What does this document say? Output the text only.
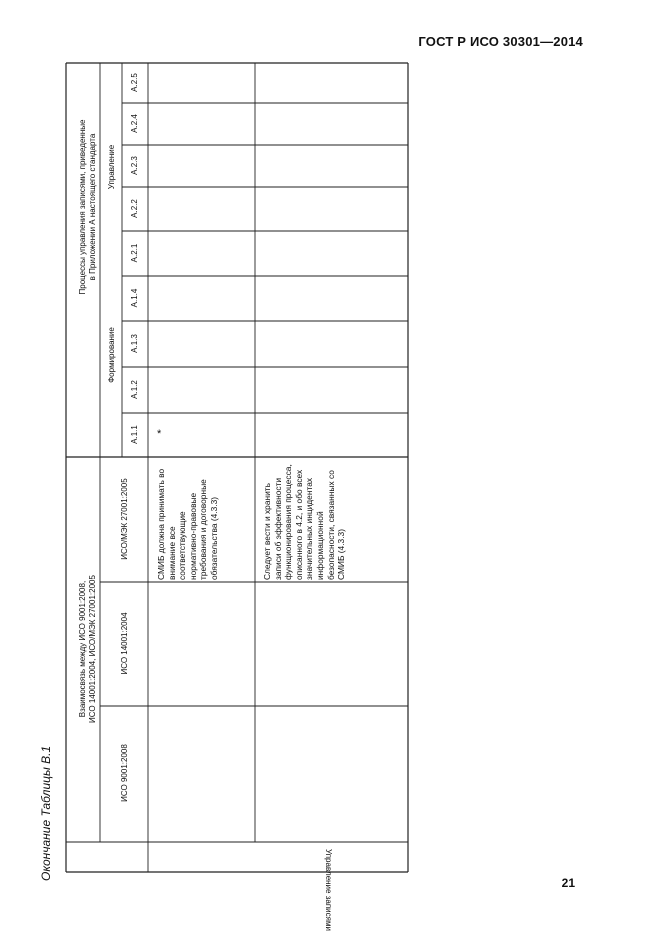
ГОСТ Р ИСО 30301—2014
Процессы управления записями, приведенные в Приложении А настоящего стандарта
Формирование
Управление
А.1.1
А.1.2
А.1.3
А.1.4
А.2.1
А.2.2
А.2.3
А.2.4
А.2.5
Взаимосвязь между ИСО 9001:2008, ИСО 14001:2004, ИСО/МЭК 27001:2005
ИСО 9001:2008
ИСО 14001:2004
ИСО/МЭК 27001:2005
Управление записями
СМИБ должна принимать во внимание все соответствующие нормативно-правовые требования и договорные обязательства (4.3.3)
*
Следует вести и хранить записи об эффективности функционирования процесса, описанного в 4.2, и обо всех значительных инцидентах информационной безопасности, связанных со СМИБ (4.3.3)
Окончание Таблицы В.1
21
